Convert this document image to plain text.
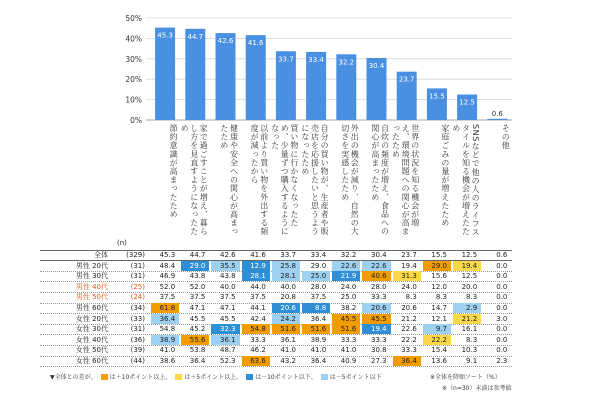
0%
10%
20%
30%
40%
50%
45.3 44.7
42.6 41.6
33.7 33.4 32.2 30.4
23.7
15.5
12.5
0.6
節約意識が高まったため	家で過ごすことが増え、暮らし方を見直すようになったため	健康や安全への関心が高まったため	以前より買い物を外出する頻度が減ったから	買い物に行かなくなったため、少量ずつ購入するようになった	自分の買い物が、生産者や販売店を応援したいと思うようになったため	外出の機会が減り、自然の大切さを実感したため	自炊の頻度が増え、食品への関心が高まったため	世界の状況を知る機会が増え、環境問題への関心が高まったため	家庭ごみの量が増えたため	SNSなどで他の人のライフスタイルを知る機会が増えたため	その他
(n)
全体	(329)	45.3	44.7	42.6	41.6	33.7	33.4	32.2	30.4	23.7	15.5	12.5	0.6
男性 20代	(31)	48.4	29.0	35.5	12.9	25.8	29.0	22.6	22.6	19.4	29.0	19.4	0.0
男性 30代	(31)	46.9	43.8	43.8	28.1	28.1	25.0	21.9	40.6	31.3	15.6	12.5	0.0
男性 40代	(25)	52.0	52.0	40.0	44.0	40.0	28.0	24.0	28.0	24.0	12.0	20.0	0.0
男性 50代	(24)	37.5	37.5	37.5	37.5	20.8	37.5	25.0	33.3	8.3	8.3	8.3	0.0
男性 60代	(34)	61.8	47.1	47.1	44.1	20.6	8.8	38.2	20.6	20.6	14.7	2.9	0.0
女性 20代	(33)	36.4	45.5	45.5	42.4	24.2	36.4	45.5	45.5	21.2	12.1	21.2	3.0
女性 30代	(31)	54.8	45.2	32.3	54.8	51.6	51.6	51.6	19.4	22.6	9.7	16.1	0.0
女性 40代	(36)	38.9	55.6	36.1	33.3	36.1	38.9	33.3	33.3	22.2	22.2	8.3	0.0
女性 50代	(39)	41.0	53.8	48.7	46.2	41.0	41.0	41.0	30.8	33.3	15.4	10.3	0.0
女性 60代	(44)	38.6	36.4	52.3	63.6	43.2	36.4	40.9	27.3	36.4	13.6	9.1	2.3
▼全体との差が、 は＋10ポイント以上、 は＋5ポイント以上、 は－10ポイント以下、 は－5ポイント以下	※全体を降順ソート（%）
※（n=30）未満は参考値
